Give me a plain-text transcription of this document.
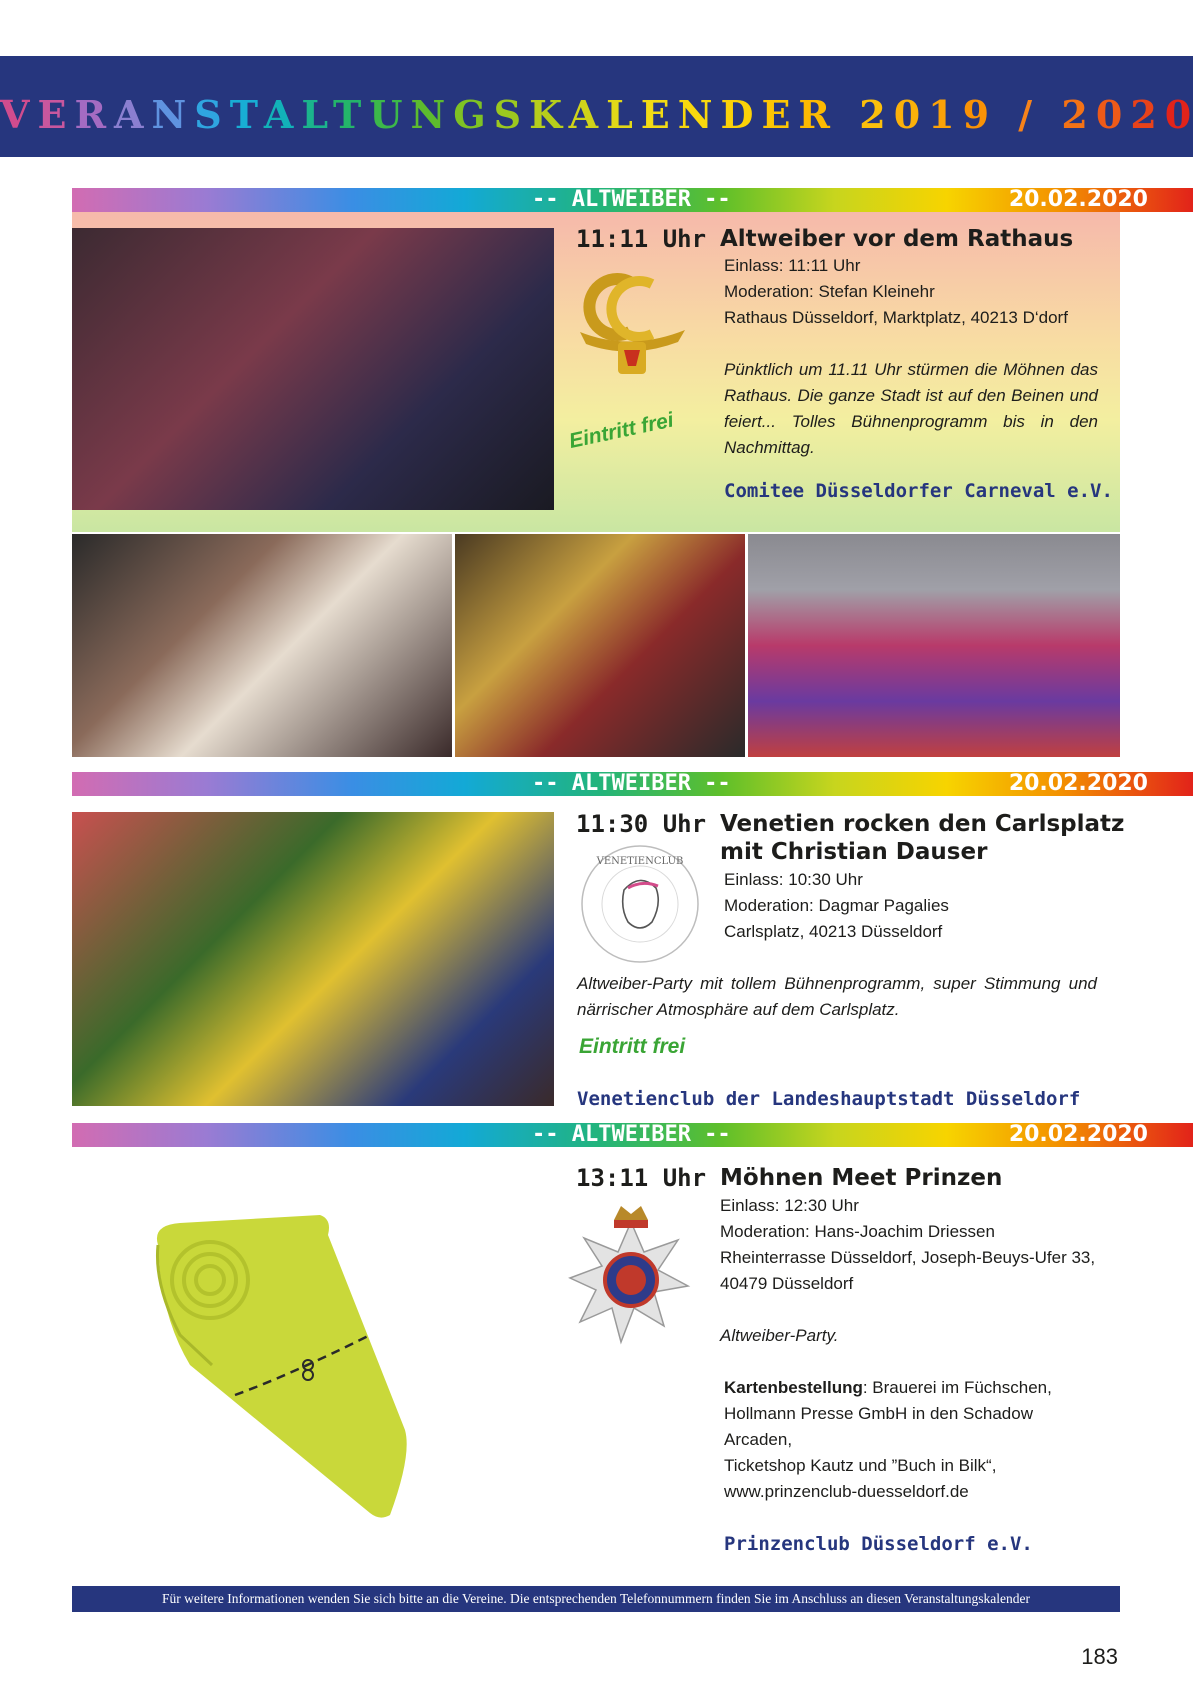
VERANSTALTUNGSKALENDER 2019 / 2020
-- ALTWEIBER --	20.02.2020
11:11 Uhr Altweiber vor dem Rathaus
Eintritt frei
Einlass: 11:11 Uhr
Moderation: Stefan Kleinehr
Rathaus Düsseldorf, Marktplatz, 40213 D‘dorf
Pünktlich um 11.11 Uhr stürmen die Möhnen das Rathaus. Die ganze Stadt ist auf den Beinen und feiert... Tolles Bühnenprogramm bis in den Nachmittag.
Comitee Düsseldorfer Carneval e.V.
-- ALTWEIBER --	20.02.2020
11:30 Uhr Venetien rocken den Carlsplatz
mit Christian Dauser
VENETIENCLUB
Einlass: 10:30 Uhr
Moderation: Dagmar Pagalies
Carlsplatz, 40213 Düsseldorf
Altweiber-Party mit tollem Bühnenprogramm, super Stimmung und närrischer Atmosphäre auf dem Carlsplatz.
Eintritt frei
Venetienclub der Landeshauptstadt Düsseldorf
-- ALTWEIBER --	20.02.2020
13:11 Uhr Möhnen Meet Prinzen
Einlass: 12:30 Uhr
Moderation: Hans-Joachim Driessen
Rheinterrasse Düsseldorf, Joseph-Beuys-Ufer 33,
40479 Düsseldorf
Altweiber-Party.
Kartenbestellung: Brauerei im Füchschen,
Hollmann Presse GmbH in den Schadow
Arcaden,
Ticketshop Kautz und ”Buch in Bilk“,
www.prinzenclub-duesseldorf.de
Prinzenclub Düsseldorf e.V.
Für weitere Informationen wenden Sie sich bitte an die Vereine. Die entsprechenden Telefonnummern finden Sie im Anschluss an diesen Veranstaltungskalender
183
